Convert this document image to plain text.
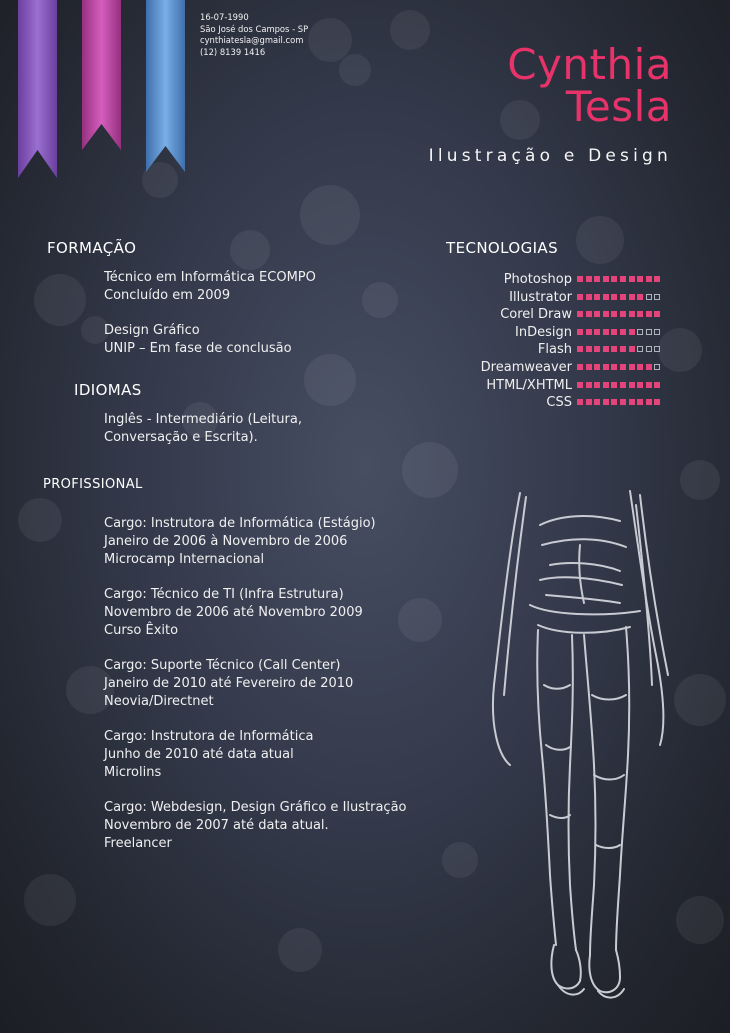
16-07-1990
São José dos Campos - SP
cynthiatesla@gmail.com
(12) 8139 1416	Cynthia
Tesla
Ilustração e Design
FORMAÇÃO
Técnico em Informática ECOMPO
Concluído em 2009
Design Gráfico
UNIP – Em fase de conclusão
IDIOMAS
Inglês - Intermediário (Leitura,
Conversação e Escrita).
PROFISSIONAL
Cargo: Instrutora de Informática (Estágio)
Janeiro de 2006 à Novembro de 2006
Microcamp Internacional
Cargo: Técnico de TI (Infra Estrutura)
Novembro de 2006 até Novembro 2009
Curso Êxito
Cargo: Suporte Técnico (Call Center)
Janeiro de 2010 até Fevereiro de 2010
Neovia/Directnet
Cargo: Instrutora de Informática
Junho de 2010 até data atual
Microlins
Cargo: Webdesign, Design Gráfico e Ilustração
Novembro de 2007 até data atual.
Freelancer
TECNOLOGIAS
Photoshop
Illustrator
Corel Draw
InDesign
Flash
Dreamweaver
HTML/XHTML
CSS
